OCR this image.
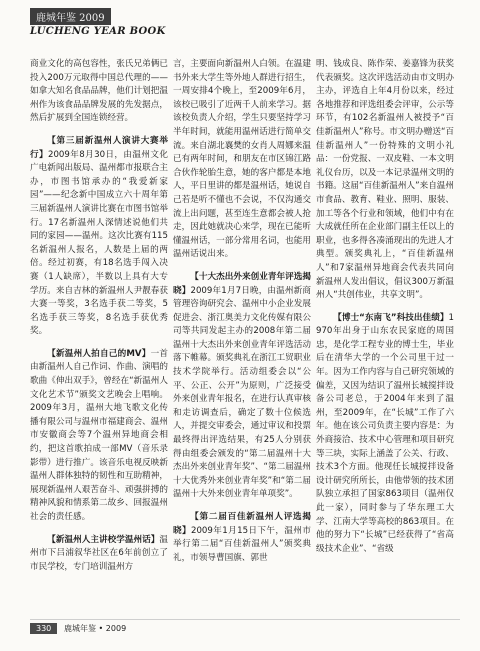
鹿城年鉴 2009
LUCHENG YEAR BOOK

商业文化的高包容性，张氏兄弟俩已投入200万元取得中国总代理的——如拿大知名食品品牌，他们计划把温州作为该食品品牌发展的先发据点，然后扩展到全国连锁经营。

【第三届新温州人演讲大赛举行】2009年8月30日，由温州文化广电新闻出版局、温州都市报联合主办，市图书馆承办的“我爱新家园”——纪念新中国成立六十周年第三届新温州人演讲比赛在市图书馆举行。17名新温州人深情述说他们共同的家园——温州。这次比赛有115名新温州人报名，人数是上届的两倍。经过初赛，有18名选手闯入决赛（1人缺席），半数以上具有大专学历。来自吉林的新温州人尹靓春获大赛一等奖，3名选手获二等奖，5名选手获三等奖，8名选手获优秀奖。

【新温州人拍自己的MV】一首由新温州人自己作词、作曲、演唱的歌曲《伸出双手》，曾经在“新温州人文化艺术节”颁奖文艺晚会上唱响。2009年3月，温州大地飞歌文化传播有限公司与温州市福建商会、温州市安徽商会等7个温州异地商会相约，把这首歌拍成一部MV（音乐录影带）进行推广。该音乐电视反映新温州人群体独特的韧性和互助精神，展现新温州人艰苦奋斗、顽强拼搏的精神风貌和情系第二故乡、回报温州社会的责任感。

【新温州人主讲校学温州话】温州市下吕浦叙华社区在6年前创立了市民学校，专门培训温州方

言，主要面向新温州人白领。在温建书外来大学生等外地人群进行招生，一周安排4个晚上，至2009年6月，该校已吸引了近两千人前来学习。据该校负责人介绍，学生只要坚持学习半年时间，就能用温州话进行简单交流。来自湖北襄樊的女肖人周娜来温已有两年时间，和朋友在市区锦江路合伙作轮胎生意，她的客户都是本地人，平日里讲的都是温州话，她说自己若是听不懂也不会说，不仅沟通交流上出问题，甚至连生意都会被人抢走，因此她就决心来学，现在已能听懂温州话，一部分常用名词，也能用温州话说出来。

【十大杰出外来创业青年评选揭晓】2009年1月7日晚，由温州新商管理咨询研究会、温州中小企业发展促进会、浙江奥美力文化传媒有限公司等共同发起主办的2008年第二届温州十大杰出外来创业青年评选活动落下帷幕。颁奖典礼在浙江工贸职业技术学院举行。活动组委会以“公平、公正、公开”为原则，广泛接受外来创业青年报名，在进行认真审核和走访调查后，确定了数十位候选人，并提交审委会，通过审议和投票最终得出评选结果，有25人分别获得由组委会颁发的“第二届温州十大杰出外来创业青年奖”、“第二届温州十大优秀外来创业青年奖”和“第二届温州十大外来创业青年单项奖”。

【第二届百佳新温州人评选揭晓】2009年1月15日下午，温州市举行第二届“百佳新温州人”颁奖典礼，市领导曹国旗、郭世

明、钱成良、陈作荣、姜嘉锋为获奖代表颁奖。这次评选活动由市文明办主办，评选自上年4月份以来，经过各地推荐和评选组委会评审，公示等环节，有102名新温州人被授予“百佳新温州人”称号。市文明办赠送“百佳新温州人”一份特殊的文明小礼品：一份党报、一双皮鞋、一本文明礼仪台历，以及一本记录温州文明的书籍。这届“百佳新温州人”来自温州市食品、教育、鞋业、照明、服装、加工等各个行业和领域，他们中有在大成就任所在企业部门副主任以上的职业，也多得各凑涌现出的先进人才典型。颁奖典礼上，“百佳新温州人”和7家温州异地商会代表共同向新温州人发出倡议，倡议300万新温州人“共创伟业，共享文明”。

【博士“东南飞”科技出佳绩】1970年出身于山东农民家庭的周国忠，是化学工程专业的博士生，毕业后在清华大学的一个公司里干过一年。因为工作内容与自己研究领域的偏差，又因为结识了温州长城搅拌设备公司老总，于2004年来到了温州，至2009年，在“长城”工作了六年。他在该公司负责主要内容是：为外商接洽、技术中心管理和项目研究等三块，实际上涵盖了公关、行政、技术3个方面。他现任长城搅拌设备设计研究所所长，由他带领的技术团队独立承担了国家863项目（温州仅此一家），同时参与了华东理工大学、江南大学等高校的863项目。在他的努力下“长城”已经获得了“省高级技术企业”、“省级

330	鹿城年鉴 • 2009
